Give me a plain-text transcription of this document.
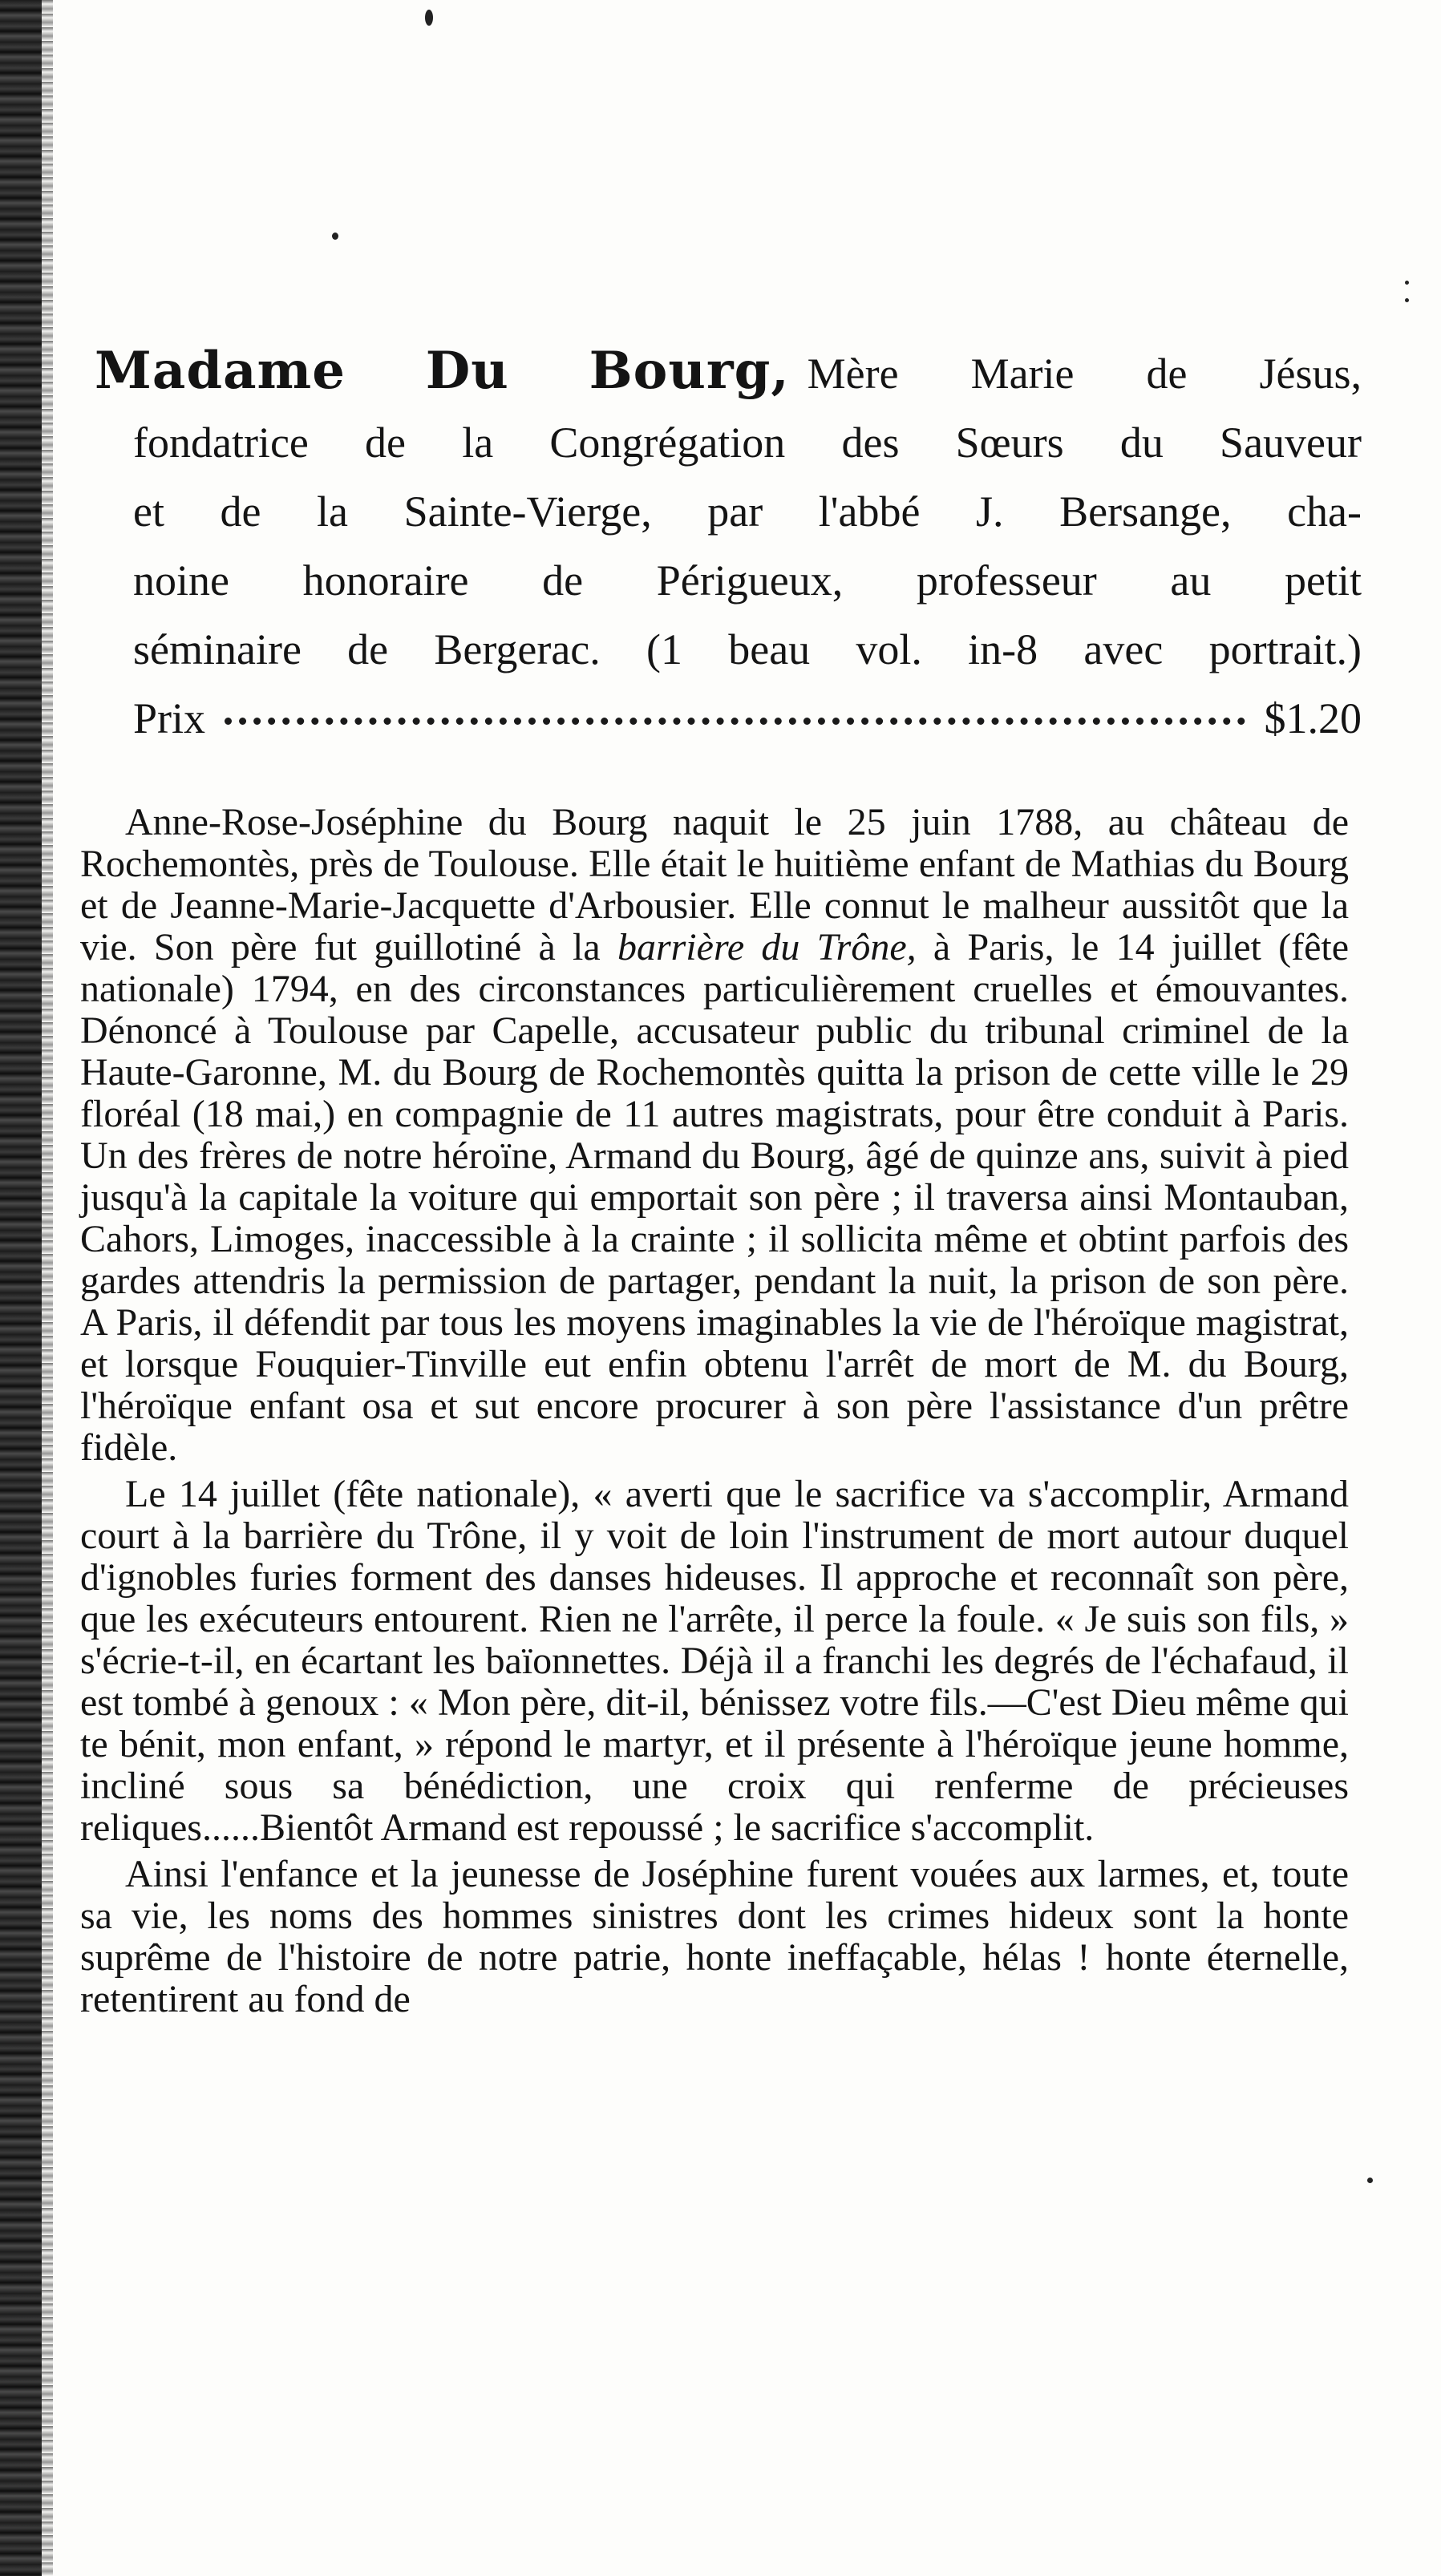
Madame Du Bourg, Mère Marie de Jésus,
fondatrice de la Congrégation des Sœurs du Sauveur
et de la Sainte-Vierge, par l'abbé J. Bersange, cha-
noine honoraire de Périgueux, professeur au petit
séminaire de Bergerac. (1 beau vol. in-8 avec portrait.)
Prix	$1.20

Anne-Rose-Joséphine du Bourg naquit le 25 juin 1788, au château de Rochemontès, près de Toulouse. Elle était le huitième enfant de Mathias du Bourg et de Jeanne-Marie-Jacquette d'Arbousier. Elle connut le malheur aussitôt que la vie. Son père fut guillotiné à la barrière du Trône, à Paris, le 14 juillet (fête nationale) 1794, en des circonstances particulièrement cruelles et émouvantes. Dénoncé à Toulouse par Capelle, accusateur public du tribunal criminel de la Haute-Garonne, M. du Bourg de Rochemontès quitta la prison de cette ville le 29 floréal (18 mai,) en compagnie de 11 autres magistrats, pour être conduit à Paris. Un des frères de notre héroïne, Armand du Bourg, âgé de quinze ans, suivit à pied jusqu'à la capitale la voiture qui emportait son père ; il traversa ainsi Montauban, Cahors, Limoges, inaccessible à la crainte ; il sollicita même et obtint parfois des gardes attendris la permission de partager, pendant la nuit, la prison de son père. A Paris, il défendit par tous les moyens imaginables la vie de l'héroïque magistrat, et lorsque Fouquier-Tinville eut enfin obtenu l'arrêt de mort de M. du Bourg, l'héroïque enfant osa et sut encore procurer à son père l'assistance d'un prêtre fidèle.

Le 14 juillet (fête nationale), « averti que le sacrifice va s'accomplir, Armand court à la barrière du Trône, il y voit de loin l'instrument de mort autour duquel d'ignobles furies forment des danses hideuses. Il approche et reconnaît son père, que les exécuteurs entourent. Rien ne l'arrête, il perce la foule. « Je suis son fils, » s'écrie-t-il, en écartant les baïonnettes. Déjà il a franchi les degrés de l'échafaud, il est tombé à genoux : « Mon père, dit-il, bénissez votre fils.—C'est Dieu même qui te bénit, mon enfant, » répond le martyr, et il présente à l'héroïque jeune homme, incliné sous sa bénédiction, une croix qui renferme de précieuses reliques......Bientôt Armand est repoussé ; le sacrifice s'accomplit.

Ainsi l'enfance et la jeunesse de Joséphine furent vouées aux larmes, et, toute sa vie, les noms des hommes sinistres dont les crimes hideux sont la honte suprême de l'histoire de notre patrie, honte ineffaçable, hélas ! honte éternelle, retentirent au fond de
